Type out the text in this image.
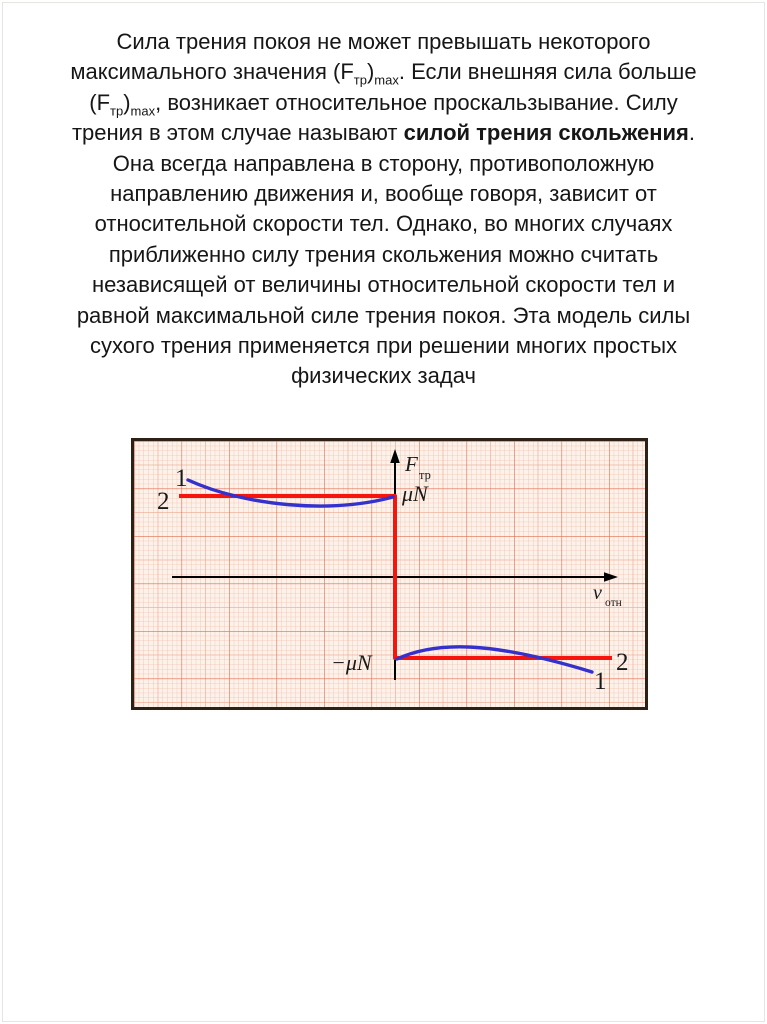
Сила трения покоя не может превышать некоторого
максимального значения $(F_{тр})_{max}$. Если внешняя сила больше
$(F_{тр})_{max}$, возникает относительное проскальзывание. Силу
трения в этом случае называют силой трения скольжения.
Она всегда направлена в сторону, противоположную
направлению движения и, вообще говоря, зависит от
относительной скорости тел. Однако, во многих случаях
приближенно силу трения скольжения можно считать
независящей от величины относительной скорости тел и
равной максимальной силе трения покоя. Эта модель силы
сухого трения применяется при решении многих простых
физических задач
1
2
F тр
μN
−μN
v отн
2
1
